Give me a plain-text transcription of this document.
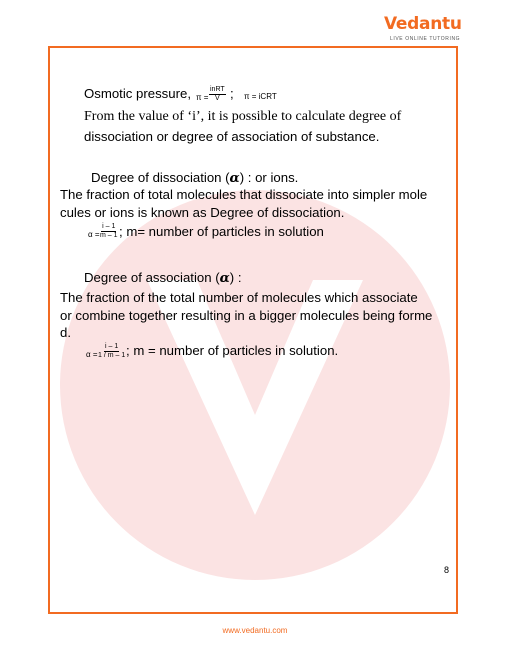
Vedantu
LIVE ONLINE TUTORING
Osmotic pressure, π =
inRT
V ; π = iCRT
From the value of ‘i’, it is possible to calculate degree of
dissociation or degree of association of substance.
Degree of dissociation (α) : or ions.
The fraction of total molecules that dissociate into simpler mole
cules or ions is known as Degree of dissociation.
$\alpha = \frac{i - 1}{m - 1}$ ; m= number of particles in solution
Degree of association (α) :
The fraction of the total number of molecules which associate
or combine together resulting in a bigger molecules being forme
d.
$\alpha = \frac{i - 1}{1 / m - 1}$ ; m = number of particles in solution.
8
www.vedantu.com
